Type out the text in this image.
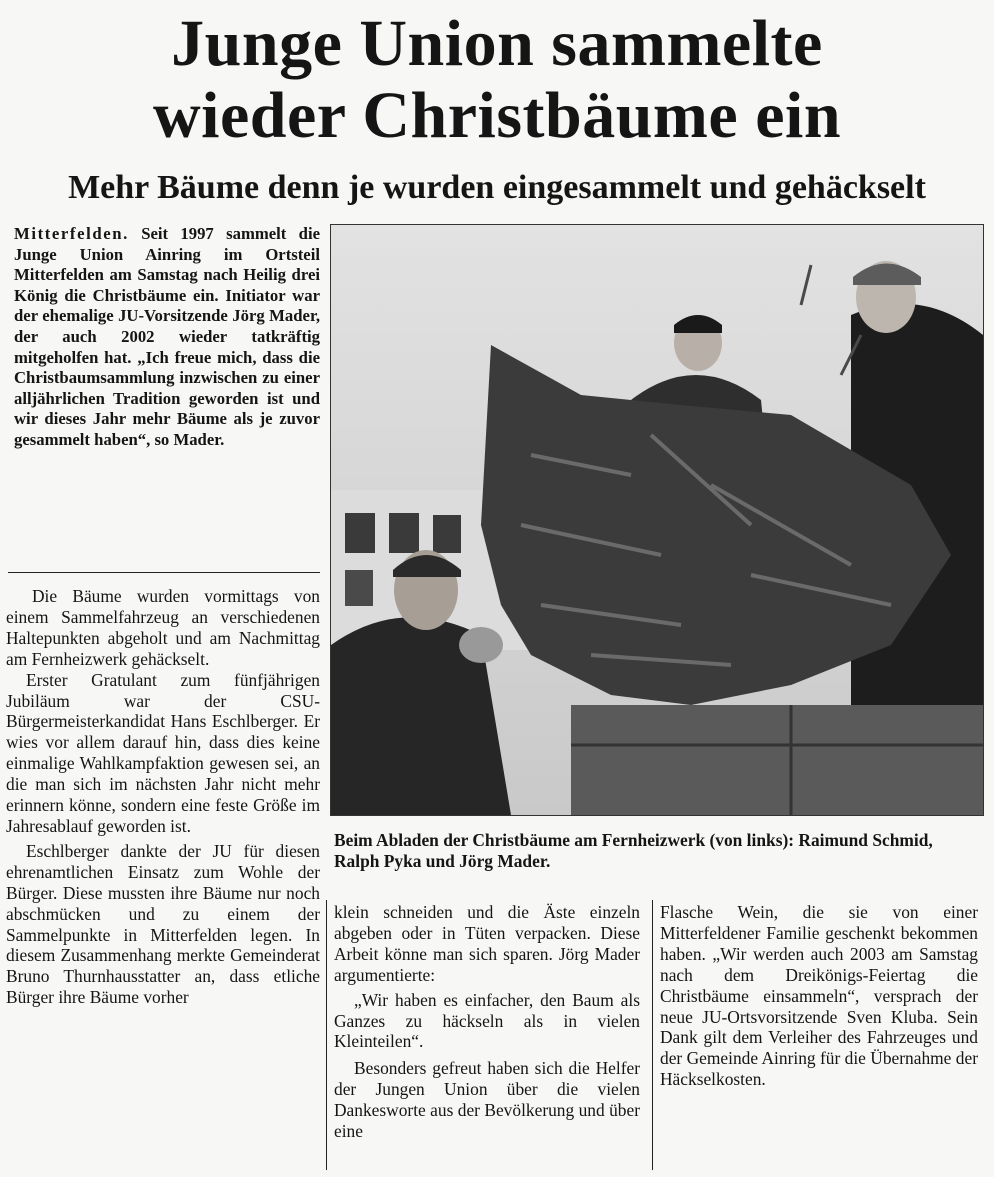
Junge Union sammelte
wieder Christbäume ein
Mehr Bäume denn je wurden eingesammelt und gehäckselt

Mitterfelden. Seit 1997 sammelt die Junge Union Ainring im Ortsteil Mitterfelden am Samstag nach Heilig drei König die Christbäume ein. Initiator war der ehemalige JU-Vorsitzende Jörg Mader, der auch 2002 wieder tatkräftig mitgeholfen hat. „Ich freue mich, dass die Christbaumsammlung inzwischen zu einer alljährlichen Tradition geworden ist und wir dieses Jahr mehr Bäume als je zuvor gesammelt haben“, so Mader.

Die Bäume wurden vormittags von einem Sammelfahrzeug an verschiedenen Haltepunkten abgeholt und am Nachmittag am Fernheizwerk gehäckselt.

Erster Gratulant zum fünfjährigen Jubiläum war der CSU-Bürgermeisterkandidat Hans Eschlberger. Er wies vor allem darauf hin, dass dies keine einmalige Wahlkampfaktion gewesen sei, an die man sich im nächsten Jahr nicht mehr erinnern könne, sondern eine feste Größe im Jahresablauf geworden ist.

Eschlberger dankte der JU für diesen ehrenamtlichen Einsatz zum Wohle der Bürger. Diese mussten ihre Bäume nur noch abschmücken und zu einem der Sammelpunkte in Mitterfelden legen. In diesem Zusammenhang merkte Gemeinderat Bruno Thurnhausstatter an, dass etliche Bürger ihre Bäume vorher

Beim Abladen der Christbäume am Fernheizwerk (von links): Raimund Schmid, Ralph Pyka und Jörg Mader.

klein schneiden und die Äste einzeln abgeben oder in Tüten verpacken. Diese Arbeit könne man sich sparen. Jörg Mader argumentierte:

„Wir haben es einfacher, den Baum als Ganzes zu häckseln als in vielen Kleinteilen“.

Besonders gefreut haben sich die Helfer der Jungen Union über die vielen Dankesworte aus der Bevölkerung und über eine

Flasche Wein, die sie von einer Mitterfeldener Familie geschenkt bekommen haben. „Wir werden auch 2003 am Samstag nach dem Dreikönigs-Feiertag die Christbäume einsammeln“, versprach der neue JU-Ortsvorsitzende Sven Kluba. Sein Dank gilt dem Verleiher des Fahrzeuges und der Gemeinde Ainring für die Übernahme der Häckselkosten.
